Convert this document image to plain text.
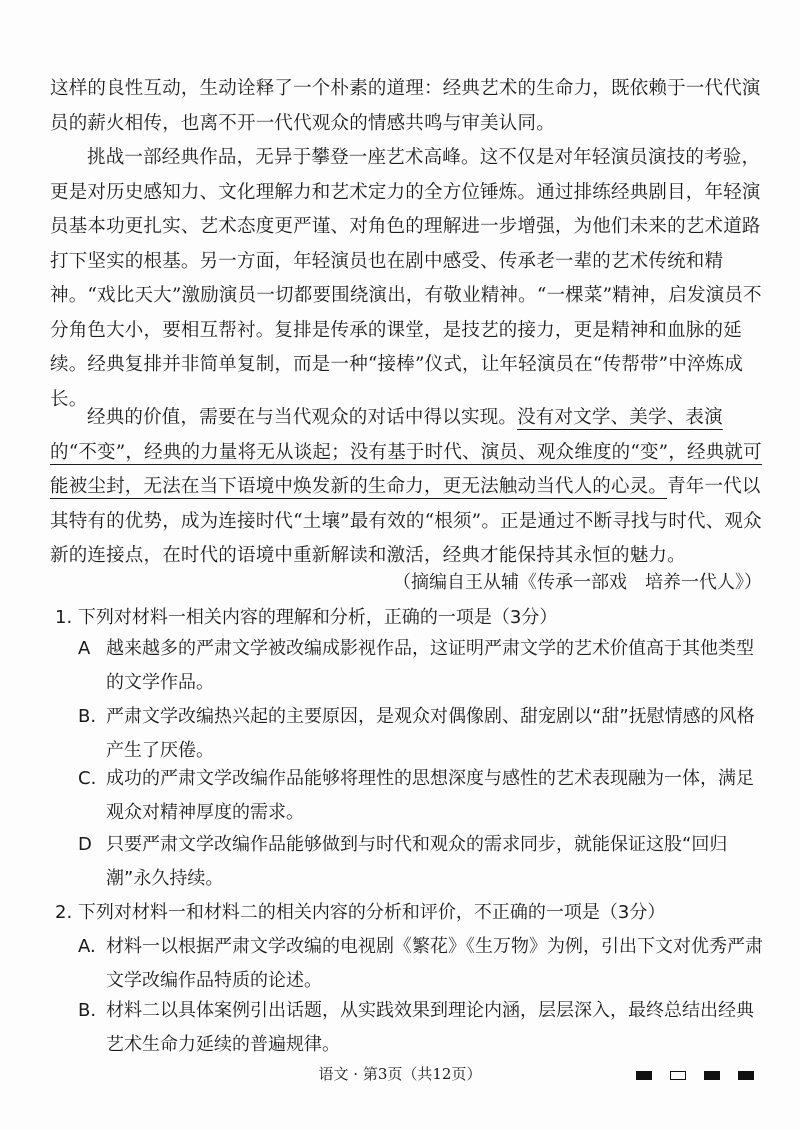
这样的良性互动，生动诠释了一个朴素的道理：经典艺术的生命力，既依赖于一代代演员的薪火相传，也离不开一代代观众的情感共鸣与审美认同。
挑战一部经典作品，无异于攀登一座艺术高峰。这不仅是对年轻演员演技的考验，更是对历史感知力、文化理解力和艺术定力的全方位锤炼。通过排练经典剧目，年轻演员基本功更扎实、艺术态度更严谨、对角色的理解进一步增强，为他们未来的艺术道路打下坚实的根基。另一方面，年轻演员也在剧中感受、传承老一辈的艺术传统和精神。“戏比天大”激励演员一切都要围绕演出，有敬业精神。“一棵菜”精神，启发演员不分角色大小，要相互帮衬。复排是传承的课堂，是技艺的接力，更是精神和血脉的延续。经典复排并非简单复制，而是一种“接棒”仪式，让年轻演员在“传帮带”中淬炼成长。
经典的价值，需要在与当代观众的对话中得以实现。没有对文学、美学、表演的“不变”，经典的力量将无从谈起；没有基于时代、演员、观众维度的“变”，经典就可能被尘封，无法在当下语境中焕发新的生命力，更无法触动当代人的心灵。青年一代以其特有的优势，成为连接时代“土壤”最有效的“根须”。正是通过不断寻找与时代、观众新的连接点，在时代的语境中重新解读和激活，经典才能保持其永恒的魅力。
（摘编自王从辅《传承一部戏　培养一代人》）
1. 下列对材料一相关内容的理解和分析，正确的一项是（3分）
A 越来越多的严肃文学被改编成影视作品，这证明严肃文学的艺术价值高于其他类型的文学作品。
B. 严肃文学改编热兴起的主要原因，是观众对偶像剧、甜宠剧以“甜”抚慰情感的风格产生了厌倦。
C. 成功的严肃文学改编作品能够将理性的思想深度与感性的艺术表现融为一体，满足观众对精神厚度的需求。
D 只要严肃文学改编作品能够做到与时代和观众的需求同步，就能保证这股“回归潮”永久持续。
2. 下列对材料一和材料二的相关内容的分析和评价，不正确的一项是（3分）
A. 材料一以根据严肃文学改编的电视剧《繁花》《生万物》为例，引出下文对优秀严肃文学改编作品特质的论述。
B. 材料二以具体案例引出话题，从实践效果到理论内涵，层层深入，最终总结出经典艺术生命力延续的普遍规律。
语文 · 第3页（共12页）
